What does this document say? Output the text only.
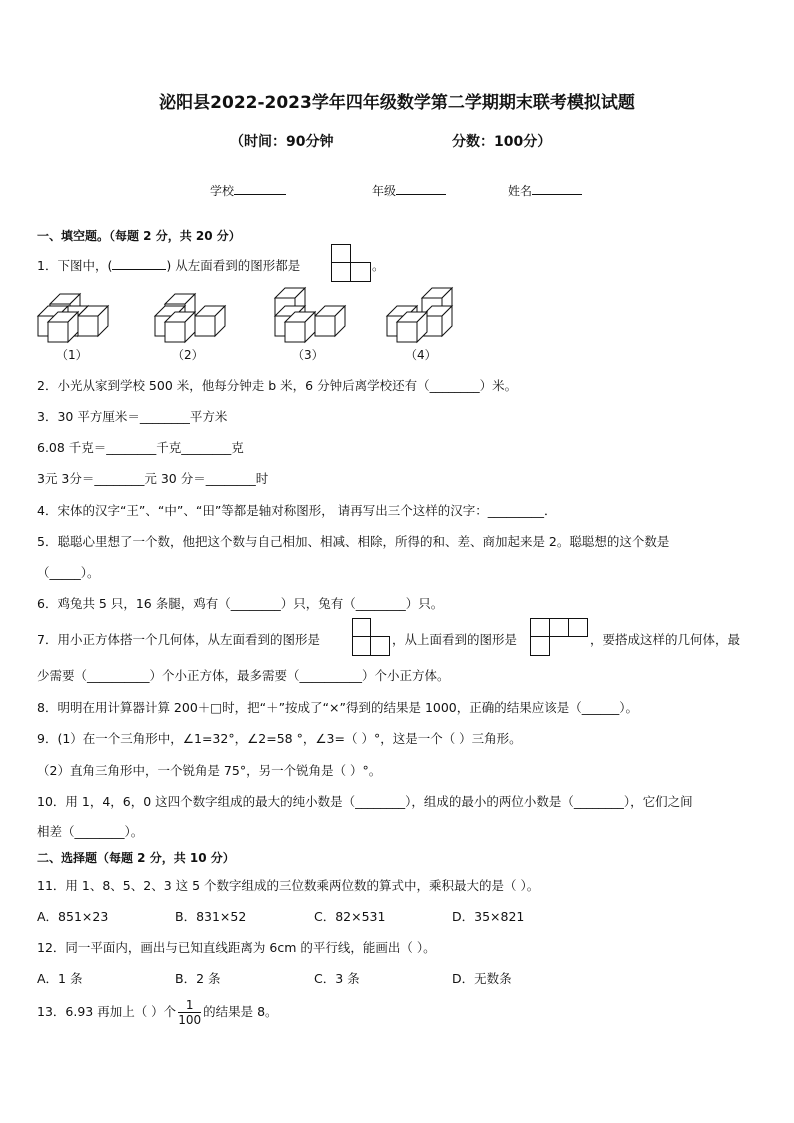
泌阳县2022-2023学年四年级数学第二学期期末联考模拟试题
（时间：90分钟	分数：100分）
学校	年级	姓名
一、填空题。（每题 2 分，共 20 分）
1．下图中，(	) 从左面看到的图形都是	。
（1）	（2）	（3）	（4）
2．小光从家到学校 500 米，他每分钟走 b 米，6 分钟后离学校还有（________）米。
3．30 平方厘米＝________平方米
6.08 千克＝________千克________克
3元 3分＝________元 30 分＝________时
4．宋体的汉字“王”、“中”、“田”等都是轴对称图形， 请再写出三个这样的汉字：_________．
5．聪聪心里想了一个数，他把这个数与自己相加、相减、相除，所得的和、差、商加起来是 2。聪聪想的这个数是
（_____）。
6．鸡兔共 5 只，16 条腿，鸡有（________）只，兔有（________）只。
7．用小正方体搭一个几何体，从左面看到的图形是	，从上面看到的图形是	，要搭成这样的几何体，最
少需要（__________）个小正方体，最多需要（__________）个小正方体。
8．明明在用计算器计算 200＋□时，把“＋”按成了“×”得到的结果是 1000，正确的结果应该是（______）。
9．(1）在一个三角形中，∠1=32°，∠2=58 °，∠3=（ ）°，这是一个（ ）三角形。
（2）直角三角形中，一个锐角是 75°，另一个锐角是（ ）°。
10．用 1，4，6，0 这四个数字组成的最大的纯小数是（________），组成的最小的两位小数是（________），它们之间
相差（________）。
二、选择题（每题 2 分，共 10 分）
11．用 1、8、5、2、3 这 5 个数字组成的三位数乘两位数的算式中，乘积最大的是（ ）。
A．851×23	B．831×52	C．82×531	D．35×821
12．同一平面内，画出与已知直线距离为 6cm 的平行线，能画出（ ）。
A．1 条	B．2 条	C．3 条	D．无数条
13．6.93 再加上（ ）个 $\frac{1}{100}$ 的结果是 8。
